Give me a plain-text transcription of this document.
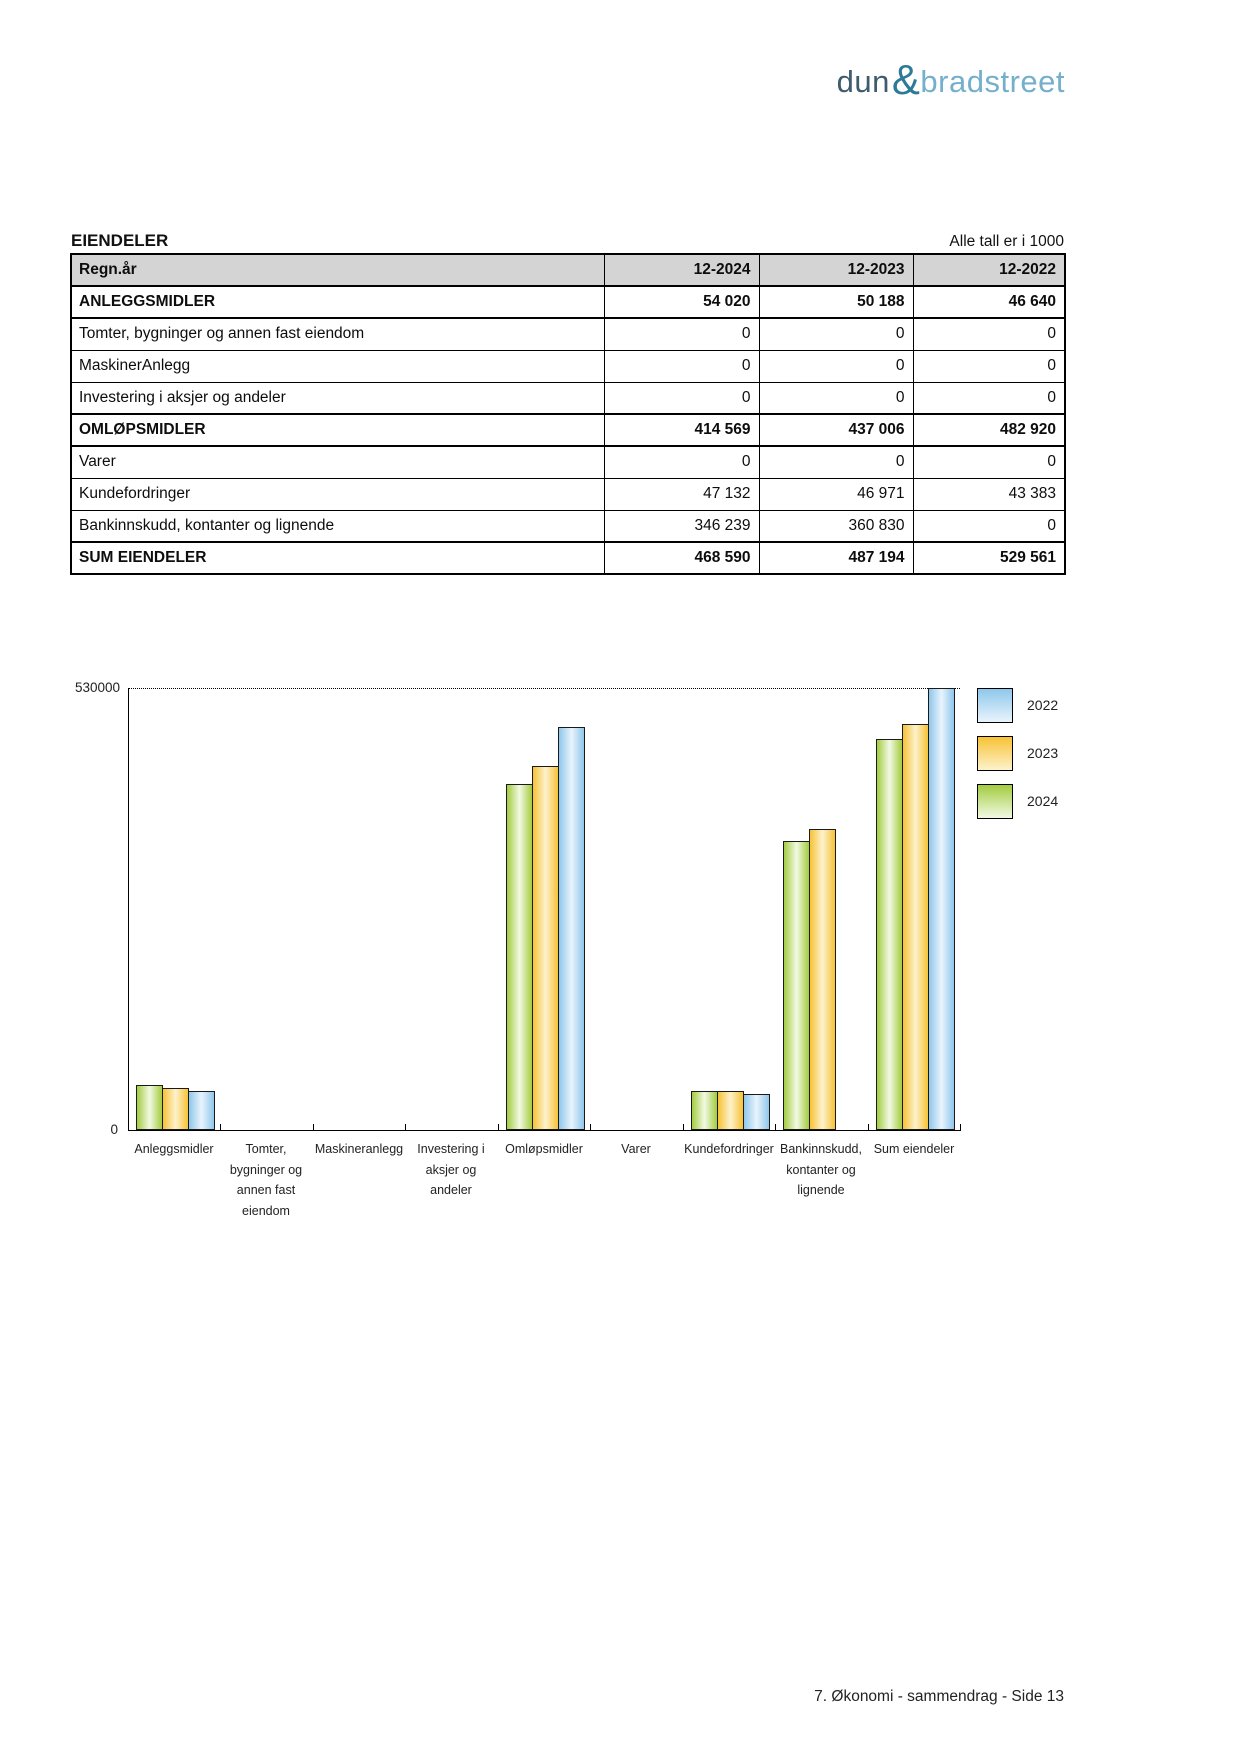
dun & bradstreet
EIENDELER	Alle tall er i 1000
Regn.år	12-2024	12-2023	12-2022
ANLEGGSMIDLER	54 020	50 188	46 640
Tomter, bygninger og annen fast eiendom	0	0	0
MaskinerAnlegg	0	0	0
Investering i aksjer og andeler	0	0	0
OMLØPSMIDLER	414 569	437 006	482 920
Varer	0	0	0
Kundefordringer	47 132	46 971	43 383
Bankinnskudd, kontanter og lignende	346 239	360 830	0
SUM EIENDELER	468 590	487 194	529 561
530000
0
Anleggsmidler	Tomter,
bygninger og
annen fast
eiendom
Maskineranlegg	Investering i
aksjer og
andeler
Omløpsmidler	Varer	Kundefordringer Bankinnskudd,
kontanter og
lignende
Sum eiendeler
2022
2023
2024
7. Økonomi - sammendrag - Side 13
